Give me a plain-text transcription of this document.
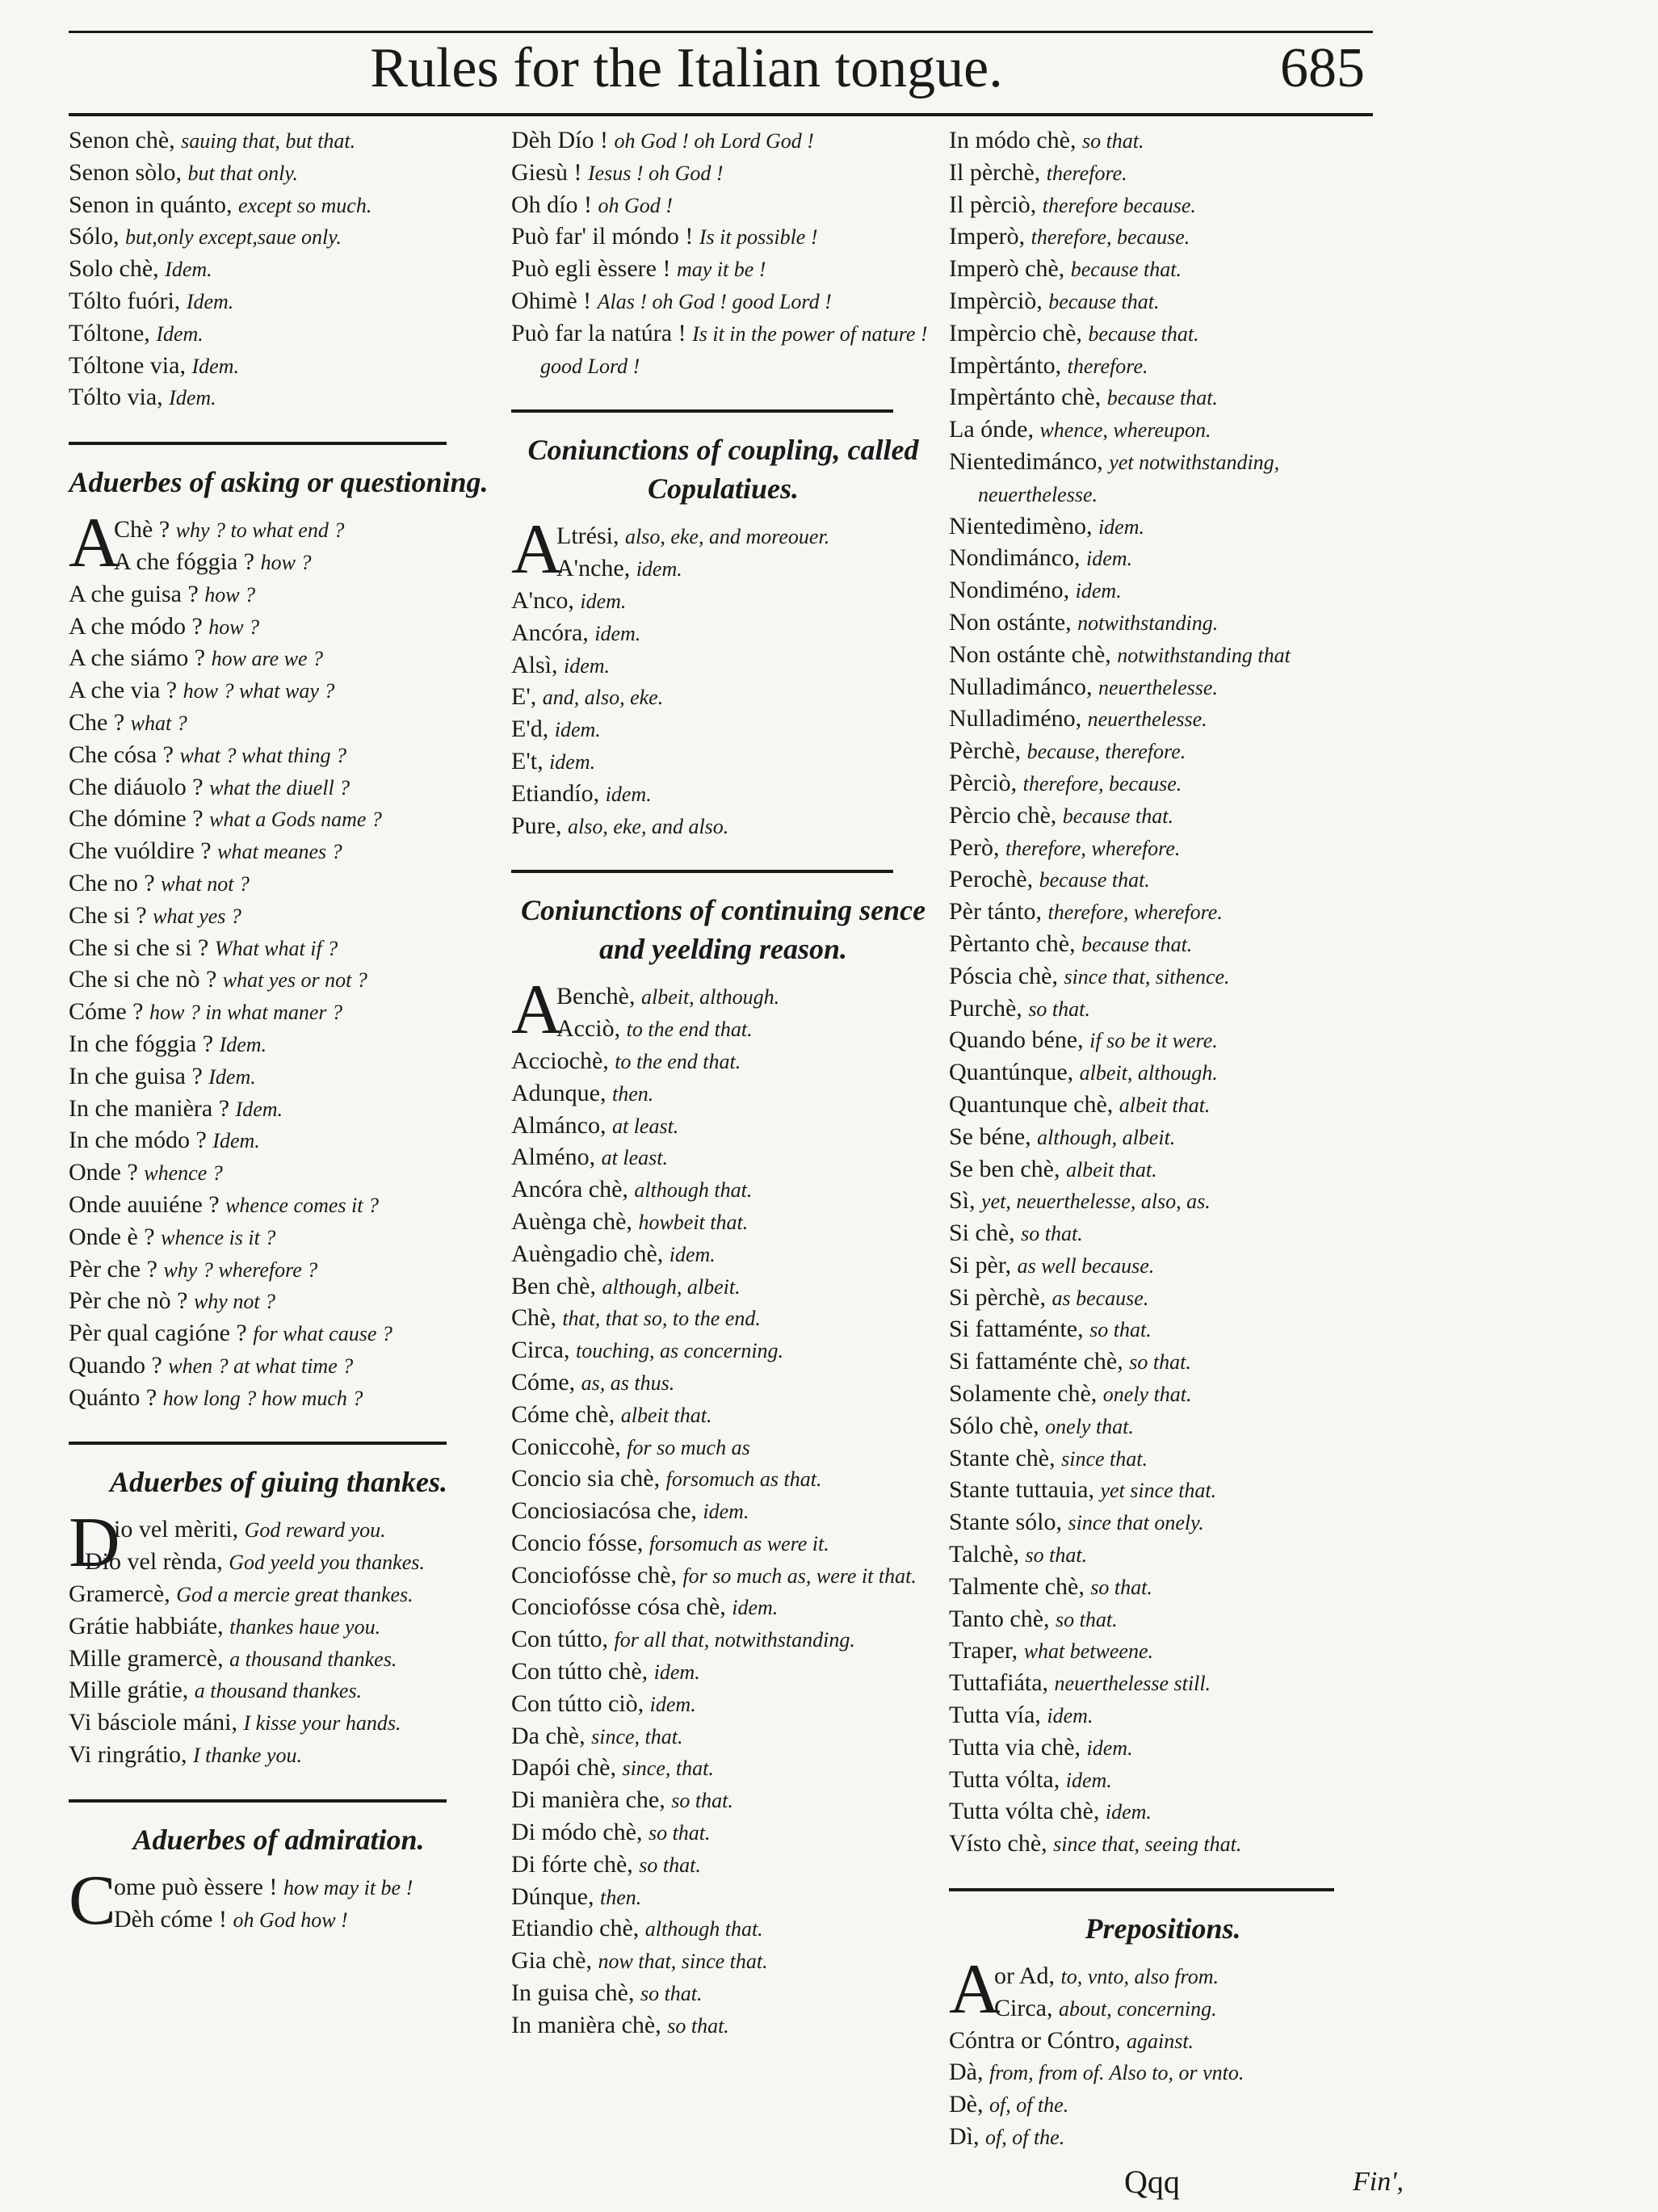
Rules for the Italian tongue.	685
Senon chè, sauing that, but that.
Senon sòlo, but that only.
Senon in quánto, except so much.
Sólo, but,only except,saue only.
Solo chè, Idem.
Tólto fuóri, Idem.
Tóltone, Idem.
Tóltone via, Idem.
Tólto via, Idem.
Aduerbes of asking or questioning.
A
Chè ? why ? to what end ?
A che fóggia ? how ?
A che guisa ? how ?
A che módo ? how ?
A che siámo ? how are we ?
A che via ? how ? what way ?
Che ? what ?
Che cósa ? what ? what thing ?
Che diáuolo ? what the diuell ?
Che dómine ? what a Gods name ?
Che vuóldire ? what meanes ?
Che no ? what not ?
Che si ? what yes ?
Che si che si ? What what if ?
Che si che nò ? what yes or not ?
Cóme ? how ? in what maner ?
In che fóggia ? Idem.
In che guisa ? Idem.
In che manièra ? Idem.
In che módo ? Idem.
Onde ? whence ?
Onde auuiéne ? whence comes it ?
Onde è ? whence is it ?
Pèr che ? why ? wherefore ?
Pèr che nò ? why not ?
Pèr qual cagióne ? for what cause ?
Quando ? when ? at what time ?
Quánto ? how long ? how much ?
Aduerbes of giuing thankes.
D
io vel mèriti, God reward you.
Dio vel rènda, God yeeld you thankes.
Gramercè, God a mercie great thankes.
Grátie habbiáte, thankes haue you.
Mille gramercè, a thousand thankes.
Mille grátie, a thousand thankes.
Vi básciole máni, I kisse your hands.
Vi ringrátio, I thanke you.
Aduerbes of admiration.
C
ome può èssere ! how may it be !
Dèh cóme ! oh God how !
Dèh Dío ! oh God ! oh Lord God !
Giesù ! Iesus ! oh God !
Oh dío ! oh God !
Può far' il móndo ! Is it possible !
Può egli èssere ! may it be !
Ohimè ! Alas ! oh God ! good Lord !
Può far la natúra ! Is it in the power of nature ! good Lord !
Coniunctions of coupling, called Copulatiues.
A
Ltrési, also, eke, and moreouer.
A'nche, idem.
A'nco, idem.
Ancóra, idem.
Alsì, idem.
E', and, also, eke.
E'd, idem.
E't, idem.
Etiandío, idem.
Pure, also, eke, and also.
Coniunctions of continuing sence and yeelding reason.
A
Benchè, albeit, although.
Acciò, to the end that.
Acciochè, to the end that.
Adunque, then.
Almánco, at least.
Alméno, at least.
Ancóra chè, although that.
Auènga chè, howbeit that.
Auèngadio chè, idem.
Ben chè, although, albeit.
Chè, that, that so, to the end.
Circa, touching, as concerning.
Cóme, as, as thus.
Cóme chè, albeit that.
Coniccohè, for so much as
Concio sia chè, forsomuch as that.
Conciosiacósa che, idem.
Concio fósse, forsomuch as were it.
Conciofósse chè, for so much as, were it that.
Conciofósse cósa chè, idem.
Con tútto, for all that, notwithstanding.
Con tútto chè, idem.
Con tútto ciò, idem.
Da chè, since, that.
Dapói chè, since, that.
Di manièra che, so that.
Di módo chè, so that.
Di fórte chè, so that.
Dúnque, then.
Etiandio chè, although that.
Gia chè, now that, since that.
In guisa chè, so that.
In manièra chè, so that.
In módo chè, so that.
Il pèrchè, therefore.
Il pèrciò, therefore because.
Imperò, therefore, because.
Imperò chè, because that.
Impèrciò, because that.
Impèrcio chè, because that.
Impèrtánto, therefore.
Impèrtánto chè, because that.
La ónde, whence, whereupon.
Nientedimánco, yet notwithstanding, neuerthelesse.
Nientedimèno, idem.
Nondimánco, idem.
Nondiméno, idem.
Non ostánte, notwithstanding.
Non ostánte chè, notwithstanding that
Nulladimánco, neuerthelesse.
Nulladiméno, neuerthelesse.
Pèrchè, because, therefore.
Pèrciò, therefore, because.
Pèrcio chè, because that.
Però, therefore, wherefore.
Perochè, because that.
Pèr tánto, therefore, wherefore.
Pèrtanto chè, because that.
Póscia chè, since that, sithence.
Purchè, so that.
Quando béne, if so be it were.
Quantúnque, albeit, although.
Quantunque chè, albeit that.
Se béne, although, albeit.
Se ben chè, albeit that.
Sì, yet, neuerthelesse, also, as.
Si chè, so that.
Si pèr, as well because.
Si pèrchè, as because.
Si fattaménte, so that.
Si fattaménte chè, so that.
Solamente chè, onely that.
Sólo chè, onely that.
Stante chè, since that.
Stante tuttauia, yet since that.
Stante sólo, since that onely.
Talchè, so that.
Talmente chè, so that.
Tanto chè, so that.
Traper, what betweene.
Tuttafiáta, neuerthelesse still.
Tutta vía, idem.
Tutta via chè, idem.
Tutta vólta, idem.
Tutta vólta chè, idem.
Vísto chè, since that, seeing that.
Prepositions.
A
or Ad, to, vnto, also from.
Circa, about, concerning.
Cóntra or Cóntro, against.
Dà, from, from of. Also to, or vnto.
Dè, of, of the.
Dì, of, of the.
Qqq	Fin',
